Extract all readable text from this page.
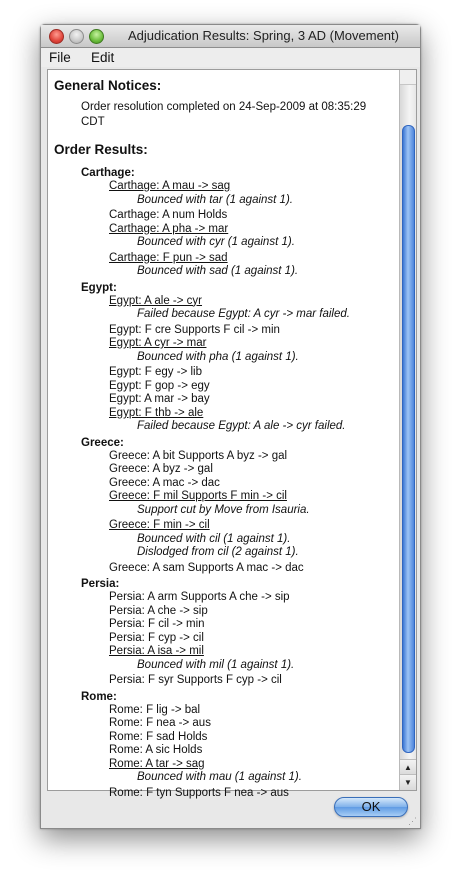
Adjudication Results: Spring, 3 AD (Movement)
File Edit
General Notices:
Order resolution completed on 24-Sep-2009 at 08:35:29 CDT
Order Results:
Carthage:
Carthage: A mau -> sag
Bounced with tar (1 against 1).
Carthage: A num Holds
Carthage: A pha -> mar
Bounced with cyr (1 against 1).
Carthage: F pun -> sad
Bounced with sad (1 against 1).
Egypt:
Egypt: A ale -> cyr
Failed because Egypt: A cyr -> mar failed.
Egypt: F cre Supports F cil -> min
Egypt: A cyr -> mar
Bounced with pha (1 against 1).
Egypt: F egy -> lib
Egypt: F gop -> egy
Egypt: A mar -> bay
Egypt: F thb -> ale
Failed because Egypt: A ale -> cyr failed.
Greece:
Greece: A bit Supports A byz -> gal
Greece: A byz -> gal
Greece: A mac -> dac
Greece: F mil Supports F min -> cil
Support cut by Move from Isauria.
Greece: F min -> cil
Bounced with cil (1 against 1).
Dislodged from cil (2 against 1).
Greece: A sam Supports A mac -> dac
Persia:
Persia: A arm Supports A che -> sip
Persia: A che -> sip
Persia: F cil -> min
Persia: F cyp -> cil
Persia: A isa -> mil
Bounced with mil (1 against 1).
Persia: F syr Supports F cyp -> cil
Rome:
Rome: F lig -> bal
Rome: F nea -> aus
Rome: F sad Holds
Rome: A sic Holds
Rome: A tar -> sag
Bounced with mau (1 against 1).
Rome: F tyn Supports F nea -> aus
▲
▼
OK
⋰
